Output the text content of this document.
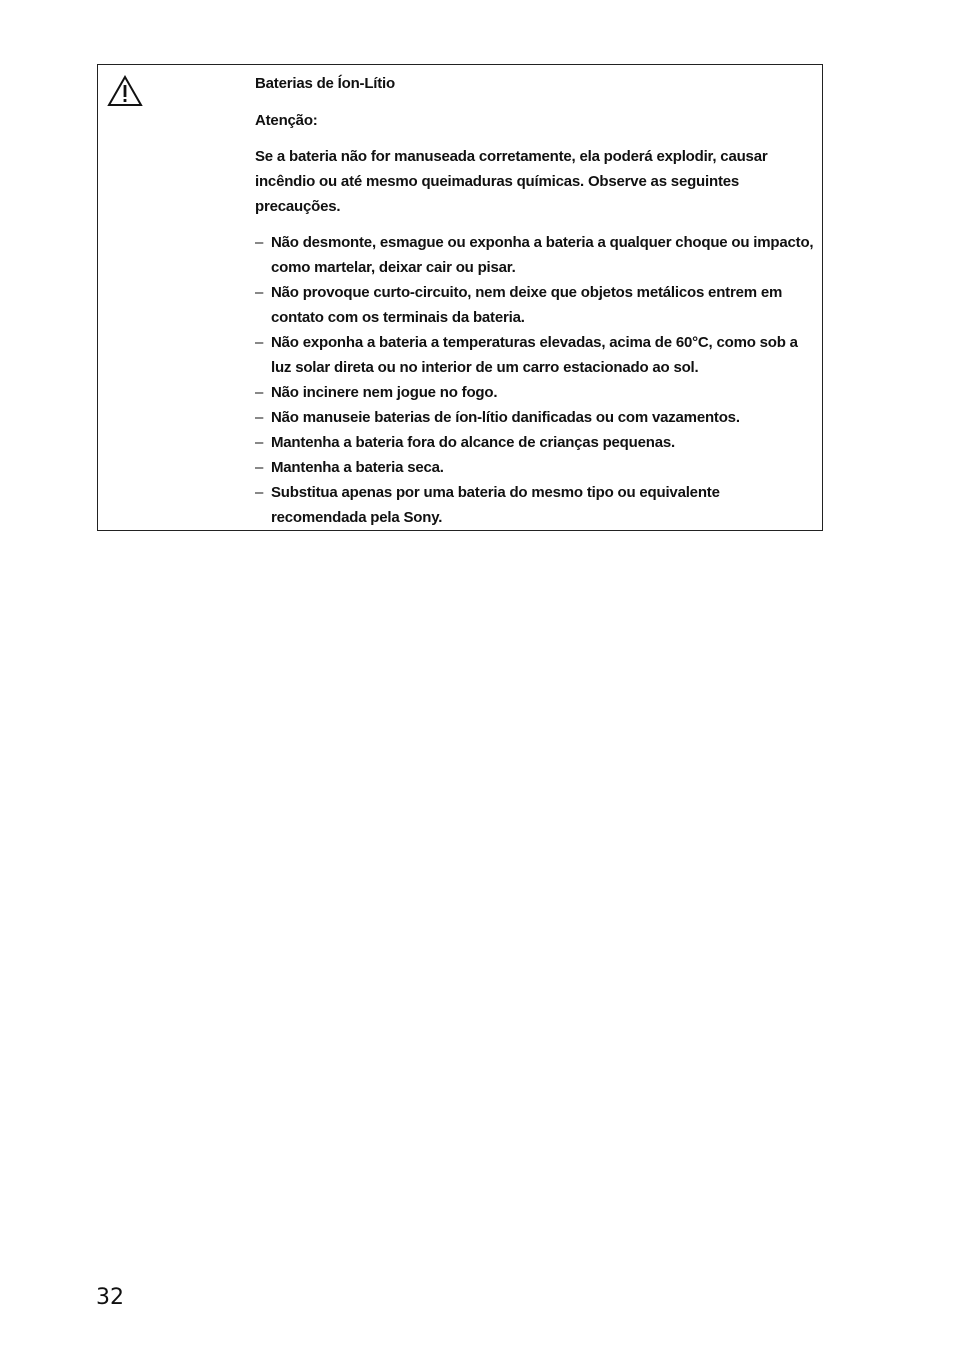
Baterias de Íon-Lítio

Atenção:

Se a bateria não for manuseada corretamente, ela poderá explodir, causar incêndio ou até mesmo queimaduras químicas. Observe as seguintes precauções.

– Não desmonte, esmague ou exponha a bateria a qualquer choque ou impacto, como martelar, deixar cair ou pisar.
– Não provoque curto-circuito, nem deixe que objetos metálicos entrem em contato com os terminais da bateria.
– Não exponha a bateria a temperaturas elevadas, acima de 60°C, como sob a luz solar direta ou no interior de um carro estacionado ao sol.
– Não incinere nem jogue no fogo.
– Não manuseie baterias de íon-lítio danificadas ou com vazamentos.
– Mantenha a bateria fora do alcance de crianças pequenas.
– Mantenha a bateria seca.
– Substitua apenas por uma bateria do mesmo tipo ou equivalente recomendada pela Sony.
32
